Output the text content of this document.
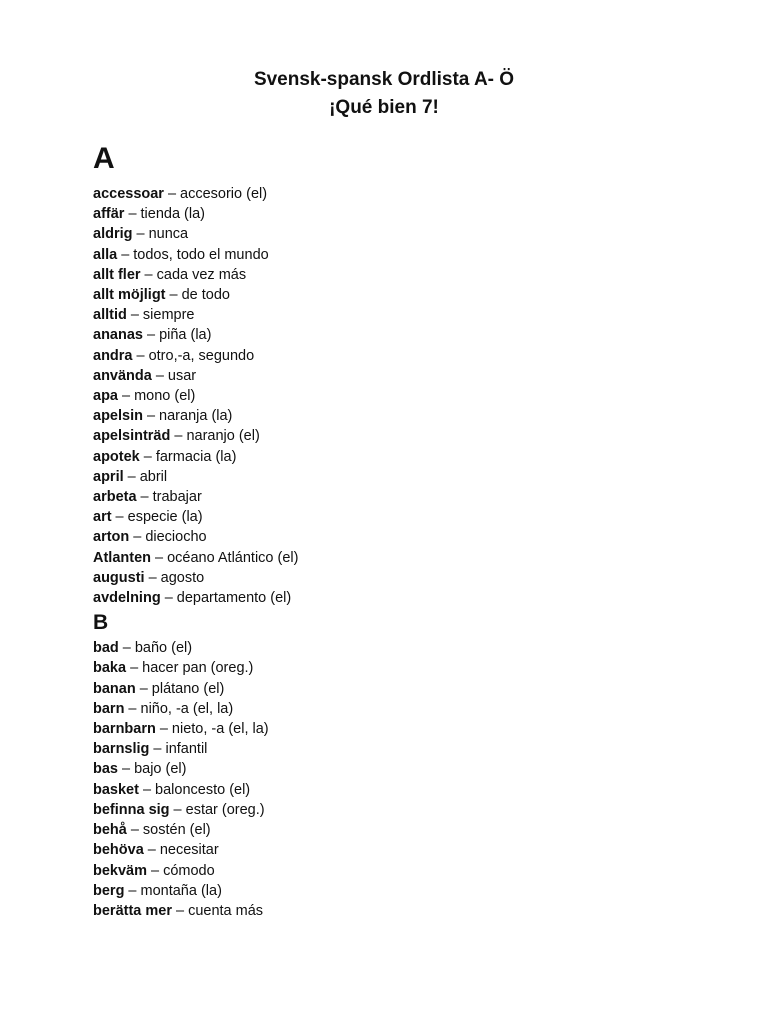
Svensk-spansk Ordlista A- Ö

¡Qué bien 7!

A
accessoar – accesorio (el)
affär – tienda (la)
aldrig – nunca
alla – todos, todo el mundo
allt fler – cada vez más
allt möjligt – de todo
alltid – siempre
ananas – piña (la)
andra – otro,-a, segundo
använda – usar
apa – mono (el)
apelsin – naranja (la)
apelsinträd – naranjo (el)
apotek – farmacia (la)
april – abril
arbeta – trabajar
art – especie (la)
arton – dieciocho
Atlanten – océano Atlántico (el)
augusti – agosto
avdelning – departamento (el)
B
bad – baño (el)
baka – hacer pan (oreg.)
banan – plátano (el)
barn – niño, -a (el, la)
barnbarn – nieto, -a (el, la)
barnslig – infantil
bas – bajo (el)
basket – baloncesto (el)
befinna sig – estar (oreg.)
behå – sostén (el)
behöva – necesitar
bekväm – cómodo
berg – montaña (la)
berätta mer – cuenta más
